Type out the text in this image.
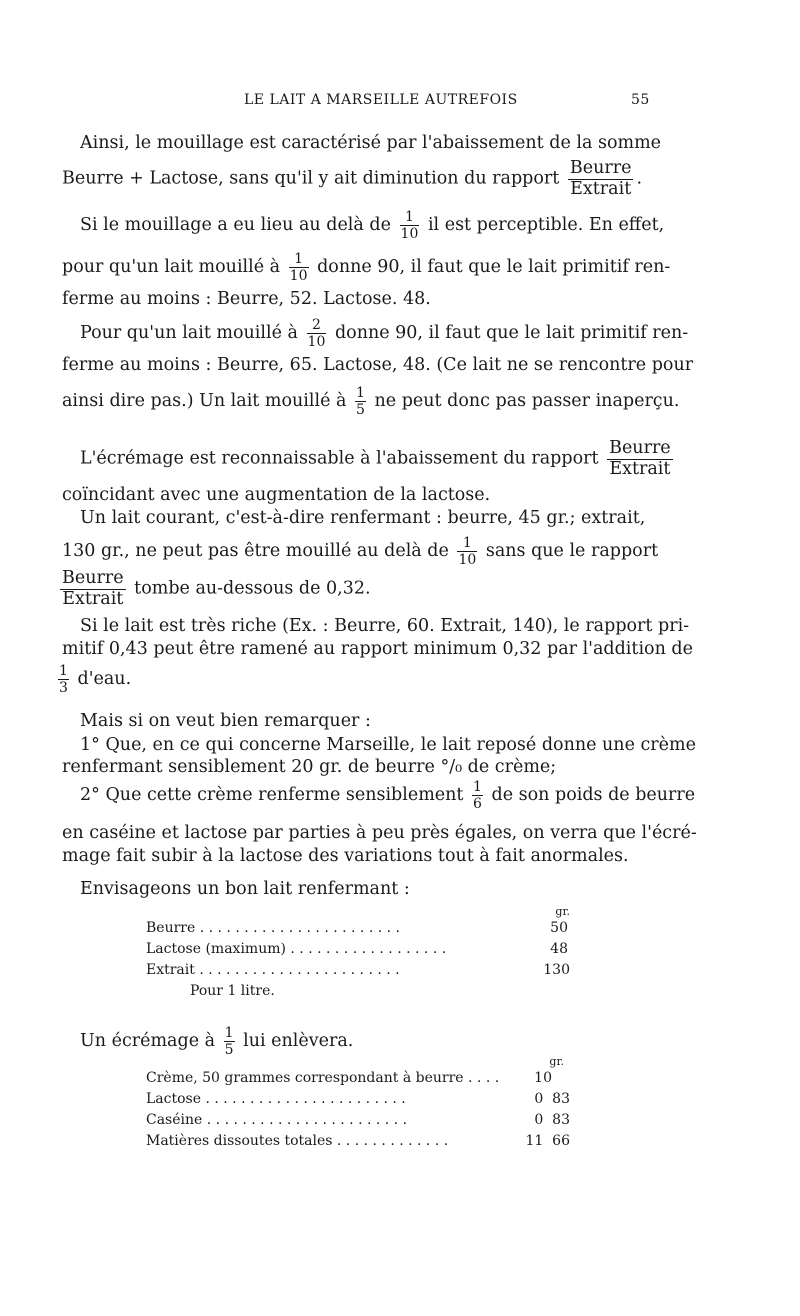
LE LAIT A MARSEILLE AUTREFOIS	55
Ainsi, le mouillage est caractérisé par l'abaissement de la somme
Beurre + Lactose, sans qu'il y ait diminution du rapport $\frac{\text{Beurre}}{\text{Extrait}}$ .
Si le mouillage a eu lieu au delà de $\frac{1}{10}$ il est perceptible. En effet,
pour qu'un lait mouillé à $\frac{1}{10}$ donne 90, il faut que le lait primitif ren-
ferme au moins : Beurre, 52. Lactose. 48.
Pour qu'un lait mouillé à $\frac{2}{10}$ donne 90, il faut que le lait primitif ren-
ferme au moins : Beurre, 65. Lactose, 48. (Ce lait ne se rencontre pour
ainsi dire pas.) Un lait mouillé à $\frac{1}{5}$ ne peut donc pas passer inaperçu.
L'écrémage est reconnaissable à l'abaissement du rapport $\frac{\text{Beurre}}{\text{Extrait}}$
coïncidant avec une augmentation de la lactose.
Un lait courant, c'est-à-dire renfermant : beurre, 45 gr.; extrait,
130 gr., ne peut pas être mouillé au delà de $\frac{1}{10}$ sans que le rapport
$\frac{\text{Beurre}}{\text{Extrait}}$ tombe au-dessous de 0,32.
Si le lait est très riche (Ex. : Beurre, 60. Extrait, 140), le rapport pri-
mitif 0,43 peut être ramené au rapport minimum 0,32 par l'addition de
$\frac{1}{3} d'eau$.
Mais si on veut bien remarquer :
1° Que, en ce qui concerne Marseille, le lait reposé donne une crème
renfermant sensiblement 20 gr. de beurre °/₀ de crème;
2° Que cette crème renferme sensiblement $\frac{1}{6}$ de son poids de beurre
en caséine et lactose par parties à peu près égales, on verra que l'écré-
mage fait subir à la lactose des variations tout à fait anormales.
Envisageons un bon lait renfermant :
gr.
Beurre . . . . . . . . . . . . . . . . . . . . . . .	50
Lactose (maximum) . . . . . . . . . . . . . . . . . .	48
Extrait . . . . . . . . . . . . . . . . . . . . . . .	130
Pour 1 litre.
Un écrémage à $\frac{1}{5}$ lui enlèvera.
gr.
Crème, 50 grammes correspondant à beurre . . . .	10
Lactose . . . . . . . . . . . . . . . . . . . . . . .	0  83
Caséine . . . . . . . . . . . . . . . . . . . . . . .	0  83
Matières dissoutes totales . . . . . . . . . . . . .	11  66
